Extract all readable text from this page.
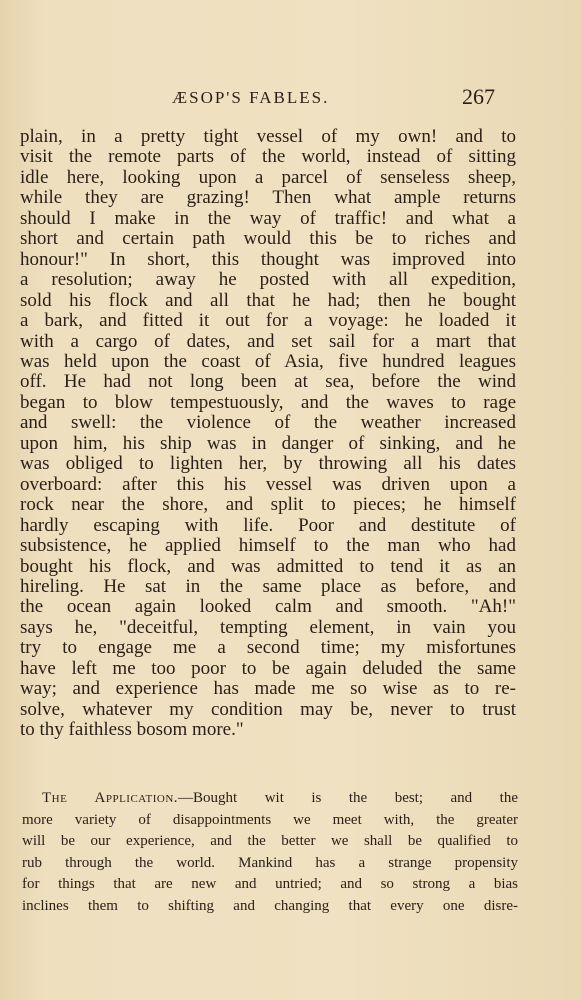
ÆSOP'S FABLES.	267
plain, in a pretty tight vessel of my own! and to
visit the remote parts of the world, instead of sitting
idle here, looking upon a parcel of senseless sheep,
while they are grazing! Then what ample returns
should I make in the way of traffic! and what a
short and certain path would this be to riches and
honour!" In short, this thought was improved into
a resolution; away he posted with all expedition,
sold his flock and all that he had; then he bought
a bark, and fitted it out for a voyage: he loaded it
with a cargo of dates, and set sail for a mart that
was held upon the coast of Asia, five hundred leagues
off. He had not long been at sea, before the wind
began to blow tempestuously, and the waves to rage
and swell: the violence of the weather increased
upon him, his ship was in danger of sinking, and he
was obliged to lighten her, by throwing all his dates
overboard: after this his vessel was driven upon a
rock near the shore, and split to pieces; he himself
hardly escaping with life. Poor and destitute of
subsistence, he applied himself to the man who had
bought his flock, and was admitted to tend it as an
hireling. He sat in the same place as before, and
the ocean again looked calm and smooth. "Ah!"
says he, "deceitful, tempting element, in vain you
try to engage me a second time; my misfortunes
have left me too poor to be again deluded the same
way; and experience has made me so wise as to re-
solve, whatever my condition may be, never to trust
to thy faithless bosom more."
The Application.—Bought wit is the best; and the
more variety of disappointments we meet with, the greater
will be our experience, and the better we shall be qualified to
rub through the world. Mankind has a strange propensity
for things that are new and untried; and so strong a bias
inclines them to shifting and changing that every one disre-
